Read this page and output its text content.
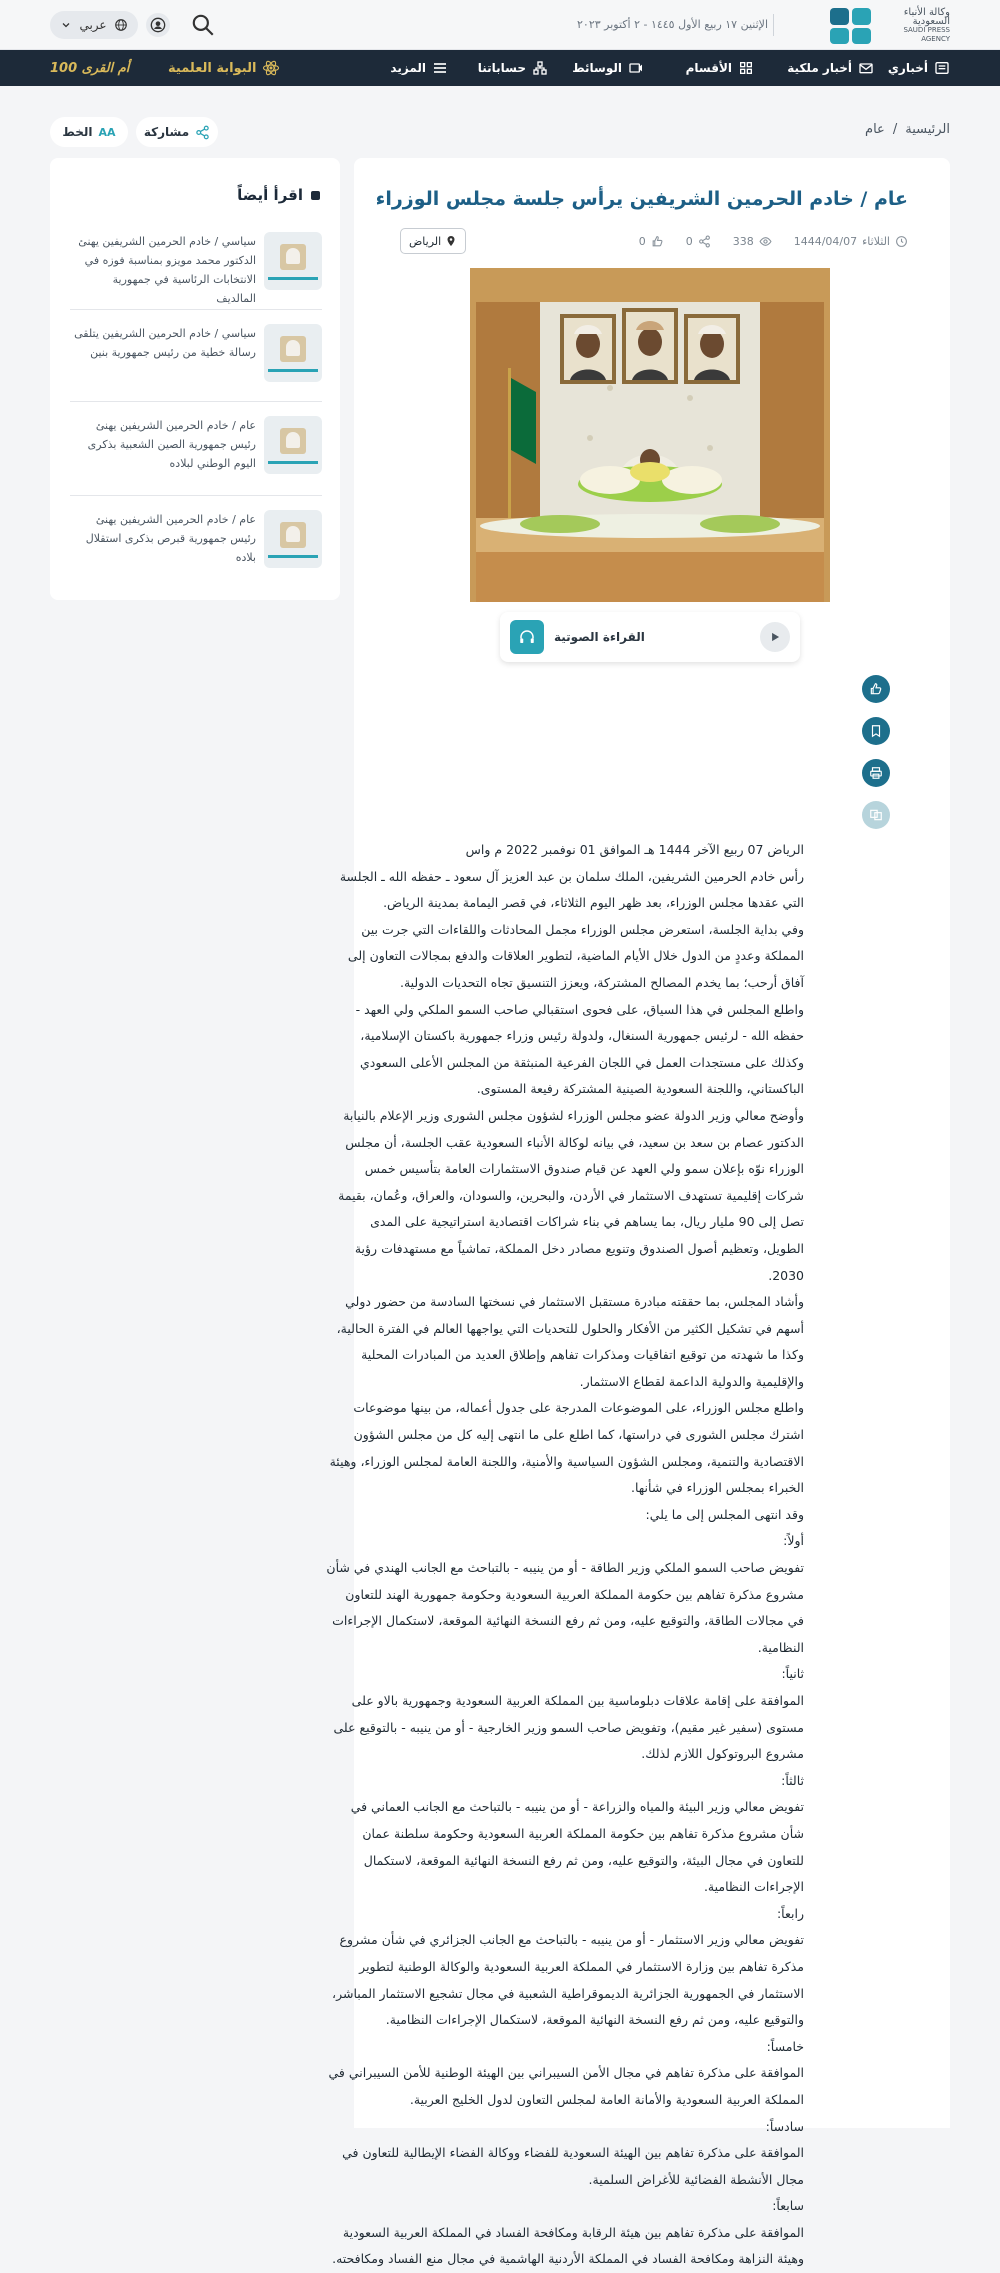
وكالة الأنباء السعودية
SAUDI PRESS AGENCY
الإثنين ١٧ ربيع الأول ١٤٤٥ - ٢ أكتوبر ٢٠٢٣
عربي
أخباري
أخبار ملكية
الأقسام
الوسائط
حساباتنا
المزيد
البوابة العلمية
أم القرى 100
الرئيسية
/
عام
مشاركة
AA
الخط
عام / خادم الحرمين الشريفين يرأس جلسة مجلس الوزراء
الثلاثاء
1444/04/07
338
0
0
الرياض
القراءة الصوتية

الرياض 07 ربيع الآخر 1444 هـ الموافق 01 نوفمبر 2022 م واس

رأس خادم الحرمين الشريفين، الملك سلمان بن عبد العزيز آل سعود ـ حفظه الله ـ الجلسة التي عقدها مجلس الوزراء، بعد ظهر اليوم الثلاثاء، في قصر اليمامة بمدينة الرياض.

وفي بداية الجلسة، استعرض مجلس الوزراء مجمل المحادثات واللقاءات التي جرت بين المملكة وعددٍ من الدول خلال الأيام الماضية، لتطوير العلاقات والدفع بمجالات التعاون إلى آفاق أرحب؛ بما يخدم المصالح المشتركة، ويعزز التنسيق تجاه التحديات الدولية.

واطلع المجلس في هذا السياق، على فحوى استقبالي صاحب السمو الملكي ولي العهد - حفظه الله - لرئيس جمهورية السنغال، ولدولة رئيس وزراء جمهورية باكستان الإسلامية، وكذلك على مستجدات العمل في اللجان الفرعية المنبثقة من المجلس الأعلى السعودي الباكستاني، واللجنة السعودية الصينية المشتركة رفيعة المستوى.

وأوضح معالي وزير الدولة عضو مجلس الوزراء لشؤون مجلس الشورى وزير الإعلام بالنيابة الدكتور عصام بن سعد بن سعيد، في بيانه لوكالة الأنباء السعودية عقب الجلسة، أن مجلس الوزراء نوّه بإعلان سمو ولي العهد عن قيام صندوق الاستثمارات العامة بتأسيس خمس شركات إقليمية تستهدف الاستثمار في الأردن، والبحرين، والسودان، والعراق، وعُمان، بقيمة تصل إلى 90 مليار ريال، بما يساهم في بناء شراكات اقتصادية استراتيجية على المدى الطويل، وتعظيم أصول الصندوق وتنويع مصادر دخل المملكة، تماشياً مع مستهدفات رؤية 2030.

وأشاد المجلس، بما حققته مبادرة مستقبل الاستثمار في نسختها السادسة من حضور دولي أسهم في تشكيل الكثير من الأفكار والحلول للتحديات التي يواجهها العالم في الفترة الحالية، وكذا ما شهدته من توقيع اتفاقيات ومذكرات تفاهم وإطلاق العديد من المبادرات المحلية والإقليمية والدولية الداعمة لقطاع الاستثمار.

واطلع مجلس الوزراء، على الموضوعات المدرجة على جدول أعماله، من بينها موضوعات اشترك مجلس الشورى في دراستها، كما اطلع على ما انتهى إليه كل من مجلس الشؤون الاقتصادية والتنمية، ومجلس الشؤون السياسية والأمنية، واللجنة العامة لمجلس الوزراء، وهيئة الخبراء بمجلس الوزراء في شأنها.

وقد انتهى المجلس إلى ما يلي:

أولاً:

تفويض صاحب السمو الملكي وزير الطاقة - أو من ينيبه - بالتباحث مع الجانب الهندي في شأن مشروع مذكرة تفاهم بين حكومة المملكة العربية السعودية وحكومة جمهورية الهند للتعاون في مجالات الطاقة، والتوقيع عليه، ومن ثم رفع النسخة النهائية الموقعة، لاستكمال الإجراءات النظامية.

ثانياً:

الموافقة على إقامة علاقات دبلوماسية بين المملكة العربية السعودية وجمهورية بالاو على مستوى (سفير غير مقيم)، وتفويض صاحب السمو وزير الخارجية - أو من ينيبه - بالتوقيع على مشروع البروتوكول اللازم لذلك.

ثالثاً:

تفويض معالي وزير البيئة والمياه والزراعة - أو من ينيبه - بالتباحث مع الجانب العماني في شأن مشروع مذكرة تفاهم بين حكومة المملكة العربية السعودية وحكومة سلطنة عمان للتعاون في مجال البيئة، والتوقيع عليه، ومن ثم رفع النسخة النهائية الموقعة، لاستكمال الإجراءات النظامية.

رابعاً:

تفويض معالي وزير الاستثمار - أو من ينيبه - بالتباحث مع الجانب الجزائري في شأن مشروع مذكرة تفاهم بين وزارة الاستثمار في المملكة العربية السعودية والوكالة الوطنية لتطوير الاستثمار في الجمهورية الجزائرية الديموقراطية الشعبية في مجال تشجيع الاستثمار المباشر، والتوقيع عليه، ومن ثم رفع النسخة النهائية الموقعة، لاستكمال الإجراءات النظامية.

خامساً:

الموافقة على مذكرة تفاهم في مجال الأمن السيبراني بين الهيئة الوطنية للأمن السيبراني في المملكة العربية السعودية والأمانة العامة لمجلس التعاون لدول الخليج العربية.

سادساً:

الموافقة على مذكرة تفاهم بين الهيئة السعودية للفضاء ووكالة الفضاء الإيطالية للتعاون في مجال الأنشطة الفضائية للأغراض السلمية.

سابعاً:

الموافقة على مذكرة تفاهم بين هيئة الرقابة ومكافحة الفساد في المملكة العربية السعودية وهيئة النزاهة ومكافحة الفساد في المملكة الأردنية الهاشمية في مجال منع الفساد ومكافحته.

اقرأ أيضاً
سياسي / خادم الحرمين الشريفين يهنئ الدكتور محمد مويزو بمناسبة فوزه في الانتخابات الرئاسية في جمهورية المالديف
سياسي / خادم الحرمين الشريفين يتلقى رسالة خطية من رئيس جمهورية بنين
عام / خادم الحرمين الشريفين يهنئ رئيس جمهورية الصين الشعبية بذكرى اليوم الوطني لبلاده
عام / خادم الحرمين الشريفين يهنئ رئيس جمهورية قبرص بذكرى استقلال بلاده
